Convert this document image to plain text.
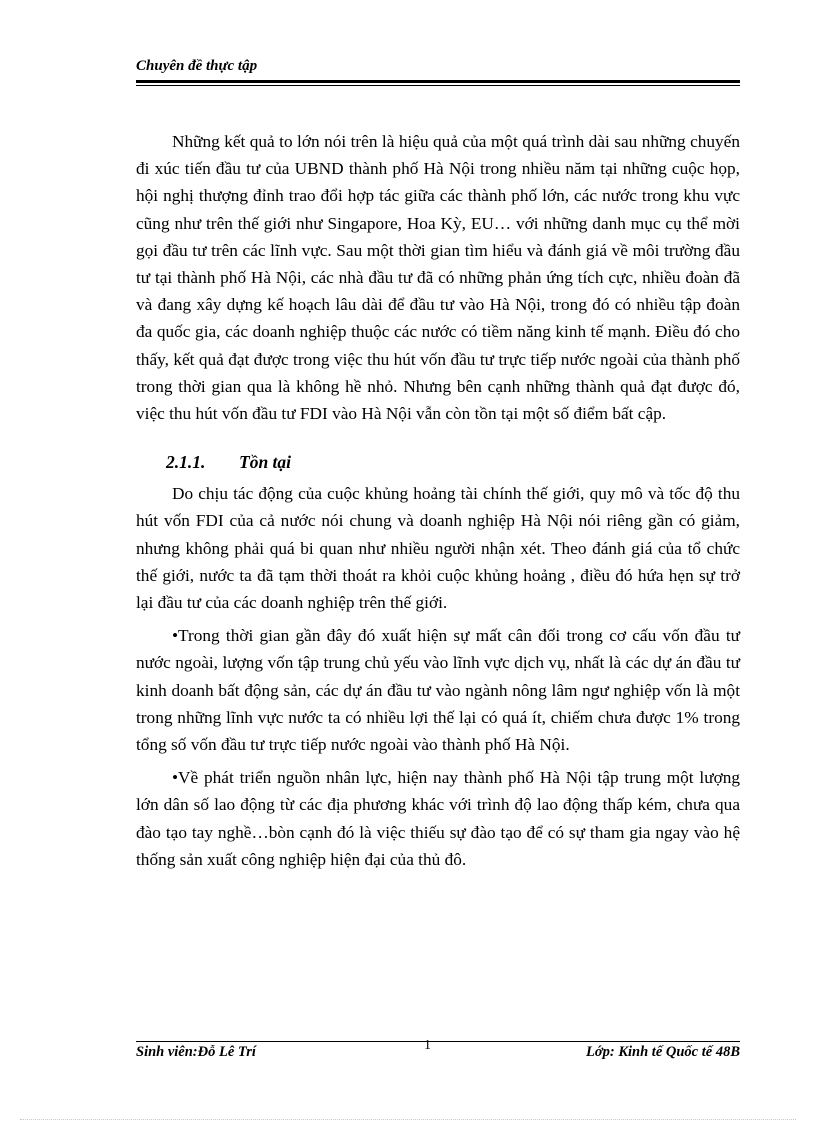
Chuyên đề thực tập

Những kết quả to lớn nói trên là hiệu quả của một quá trình dài sau những chuyến đi xúc tiến đầu tư của UBND thành phố Hà Nội trong nhiều năm tại những cuộc họp, hội nghị thượng đỉnh trao đổi hợp tác giữa các thành phố lớn, các nước trong khu vực cũng như trên thế giới như Singapore, Hoa Kỳ, EU… với những danh mục cụ thể mời gọi đầu tư trên các lĩnh vực. Sau một thời gian tìm hiểu và đánh giá về môi trường đầu tư tại thành phố Hà Nội, các nhà đầu tư đã có những phản ứng tích cực, nhiều đoàn đã và đang xây dựng kế hoạch lâu dài để đầu tư vào Hà Nội, trong đó có nhiều tập đoàn đa quốc gia, các doanh nghiệp thuộc các nước có tiềm năng kinh tế mạnh. Điều đó cho thấy, kết quả đạt được trong việc thu hút vốn đầu tư trực tiếp nước ngoài của thành phố trong thời gian qua là không hề nhỏ. Nhưng bên cạnh những thành quả đạt được đó, việc thu hút vốn đầu tư FDI vào Hà Nội vẫn còn tồn tại một số điểm bất cập.

2.1.1. Tồn tại

Do chịu tác động của cuộc khủng hoảng tài chính thế giới, quy mô và tốc độ thu hút vốn FDI của cả nước nói chung và doanh nghiệp Hà Nội nói riêng gần có giảm, nhưng không phải quá bi quan như nhiều người nhận xét. Theo đánh giá của tổ chức thế giới, nước ta đã tạm thời thoát ra khỏi cuộc khủng hoảng , điều đó hứa hẹn sự trở lại đầu tư của các doanh nghiệp trên thế giới.

•Trong thời gian gần đây đó xuất hiện sự mất cân đối trong cơ cấu vốn đầu tư nước ngoài, lượng vốn tập trung chủ yếu vào lĩnh vực dịch vụ, nhất là các dự án đầu tư kinh doanh bất động sản, các dự án đầu tư vào ngành nông lâm ngư nghiệp vốn là một trong những lĩnh vực nước ta có nhiều lợi thế lại có quá ít, chiếm chưa được 1% trong tổng số vốn đầu tư trực tiếp nước ngoài vào thành phố Hà Nội.

•Về phát triển nguồn nhân lực, hiện nay thành phố Hà Nội tập trung một lượng lớn dân số lao động từ các địa phương khác với trình độ lao động thấp kém, chưa qua đào tạo tay nghề…bòn cạnh đó là việc thiếu sự đào tạo để có sự tham gia ngay vào hệ thống sản xuất công nghiệp hiện đại của thủ đô.

Sinh viên:Đỗ Lê Trí	1	Lớp: Kinh tế Quốc tế 48B
